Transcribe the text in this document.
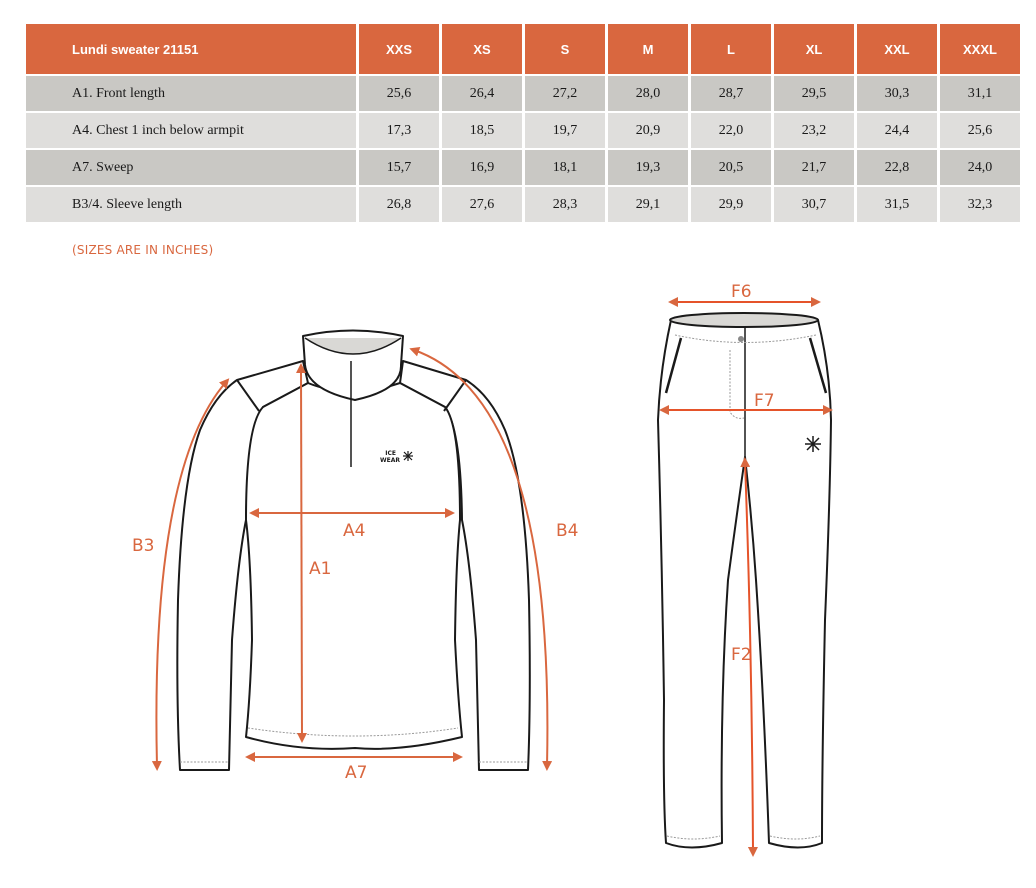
Lundi sweater 21151	XXS	XS	S	M	L	XL	XXL	XXXL
A1. Front length	25,6	26,4	27,2	28,0	28,7	29,5	30,3	31,1
A4. Chest 1 inch below armpit	17,3	18,5	19,7	20,9	22,0	23,2	24,4	25,6
A7. Sweep	15,7	16,9	18,1	19,3	20,5	21,7	22,8	24,0
B3/4. Sleeve length	26,8	27,6	28,3	29,1	29,9	30,7	31,5	32,3
(SIZES ARE IN INCHES)
ICE
WEAR
A1
A4
A7
B3
B4
F6
F7
F2
